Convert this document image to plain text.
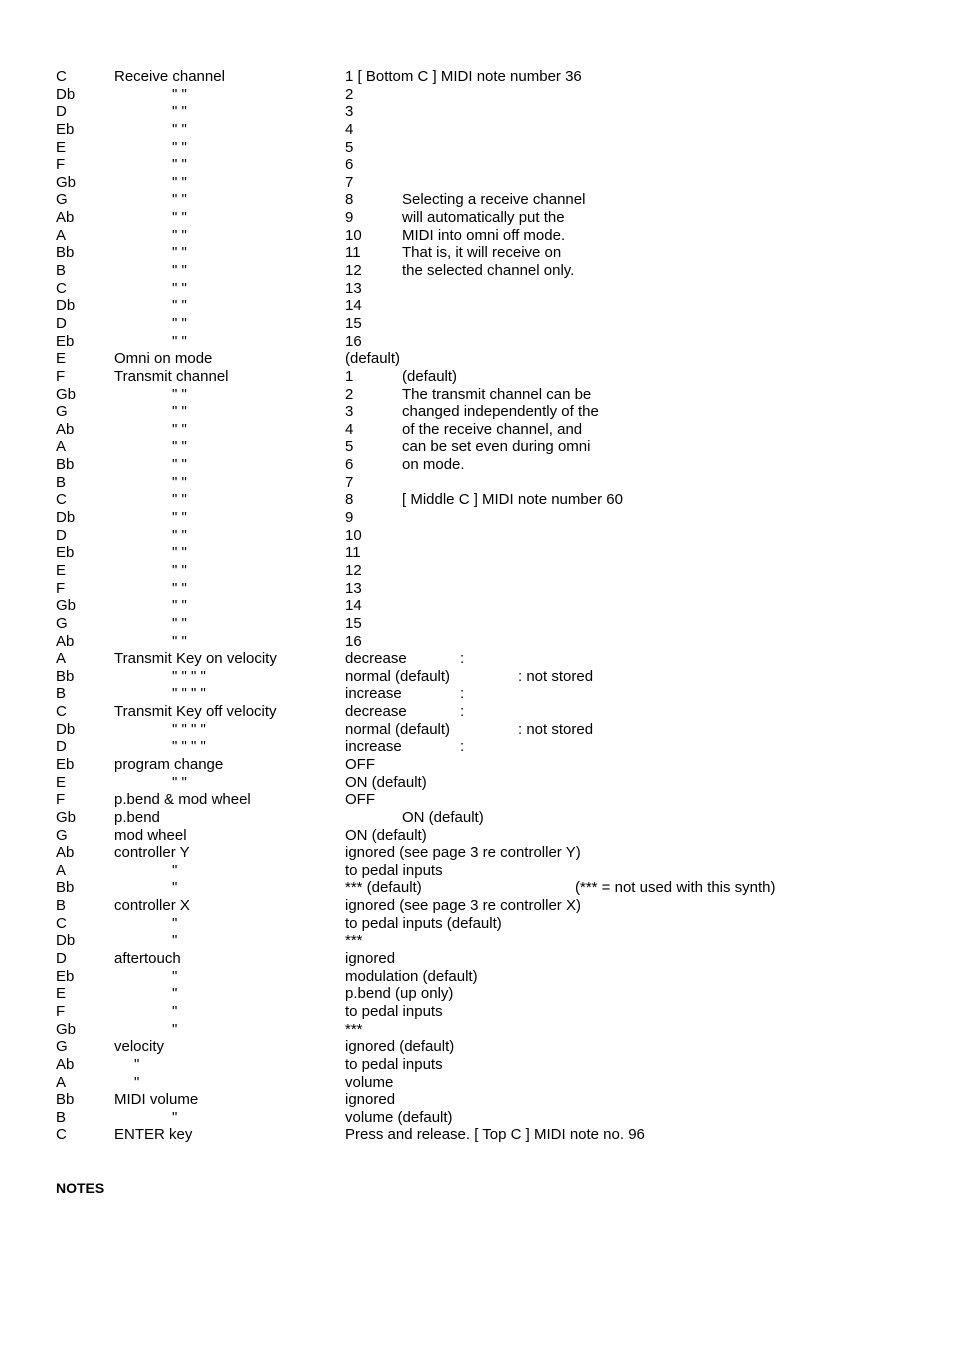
C	Receive channel	1 [ Bottom C ] MIDI note number 36
Db	" "	2
D	" "	3
Eb	" "	4
E	" "	5
F	" "	6
Gb	" "	7
G	" "	8	Selecting a receive channel
Ab	" "	9	will automatically put the
A	" "	10	MIDI into omni off mode.
Bb	" "	11	That is, it will receive on
B	" "	12	the selected channel only.
C	" "	13
Db	" "	14
D	" "	15
Eb	" "	16
E	Omni on mode	(default)
F	Transmit channel	1	(default)
Gb	" "	2	The transmit channel can be
G	" "	3	changed independently of the
Ab	" "	4	of the receive channel, and
A	" "	5	can be set even during omni
Bb	" "	6	on mode.
B	" "	7
C	" "	8	[ Middle C ] MIDI note number 60
Db	" "	9
D	" "	10
Eb	" "	11
E	" "	12
F	" "	13
Gb	" "	14
G	" "	15
Ab	" "	16
A	Transmit Key on velocity	decrease	:
Bb	" " " "	normal (default)	: not stored
B	" " " "	increase	:
C	Transmit Key off velocity	decrease	:
Db	" " " "	normal (default)	: not stored
D	" " " "	increase	:
Eb	program change	OFF
E	" "	ON (default)
F	p.bend & mod wheel	OFF
Gb	p.bend	ON (default)
G	mod wheel	ON (default)
Ab	controller Y	ignored (see page 3 re controller Y)
A	"	to pedal inputs
Bb	"	*** (default)	(*** = not used with this synth)
B	controller X	ignored (see page 3 re controller X)
C	"	to pedal inputs (default)
Db	"	***
D	aftertouch	ignored
Eb	"	modulation (default)
E	"	p.bend (up only)
F	"	to pedal inputs
Gb	"	***
G	velocity	ignored (default)
Ab	"	to pedal inputs
A	"	volume
Bb	MIDI volume	ignored
B	"	volume (default)
C	ENTER key	Press and release. [ Top C ] MIDI note no. 96
NOTES
